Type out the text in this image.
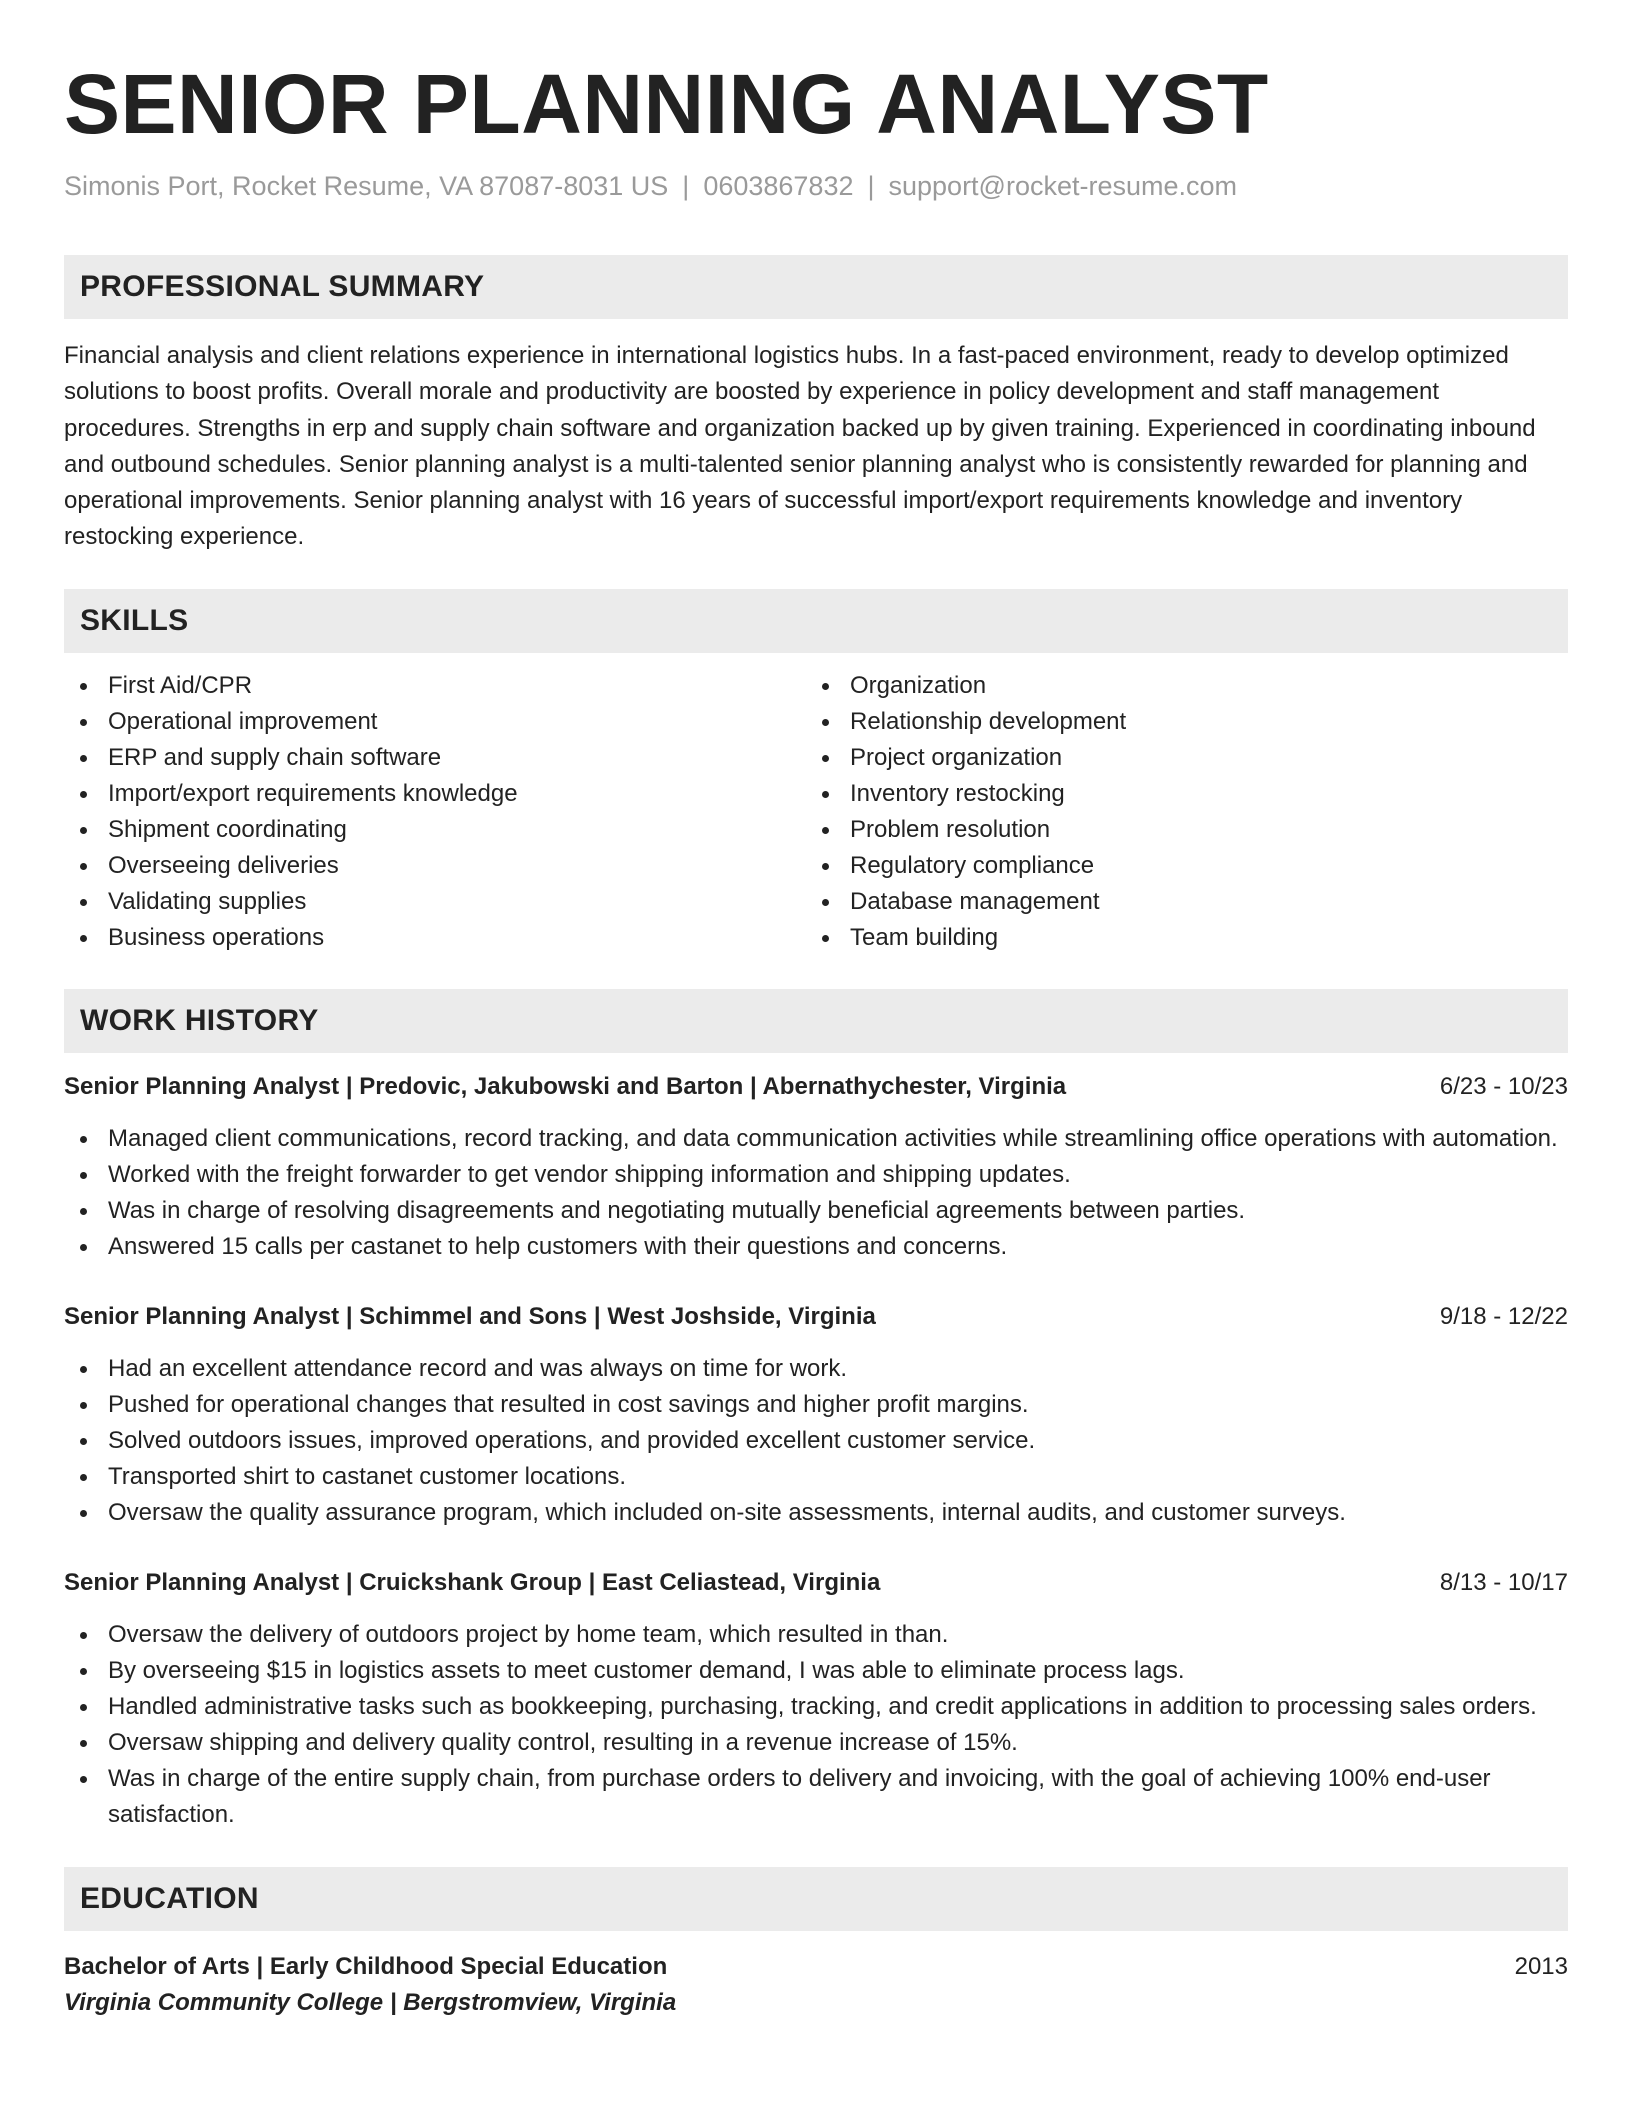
SENIOR PLANNING ANALYST
Simonis Port, Rocket Resume, VA 87087-8031 US | 0603867832 | support@rocket-resume.com
PROFESSIONAL SUMMARY

Financial analysis and client relations experience in international logistics hubs. In a fast-paced environment, ready to develop optimized solutions to boost profits. Overall morale and productivity are boosted by experience in policy development and staff management procedures. Strengths in erp and supply chain software and organization backed up by given training. Experienced in coordinating inbound and outbound schedules. Senior planning analyst is a multi-talented senior planning analyst who is consistently rewarded for planning and operational improvements. Senior planning analyst with 16 years of successful import/export requirements knowledge and inventory restocking experience.

SKILLS
First Aid/CPR
Operational improvement
ERP and supply chain software
Import/export requirements knowledge
Shipment coordinating
Overseeing deliveries
Validating supplies
Business operations
Organization
Relationship development
Project organization
Inventory restocking
Problem resolution
Regulatory compliance
Database management
Team building
WORK HISTORY
Senior Planning Analyst | Predovic, Jakubowski and Barton | Abernathychester, Virginia	6/23 - 10/23
Managed client communications, record tracking, and data communication activities while streamlining office operations with automation.
Worked with the freight forwarder to get vendor shipping information and shipping updates.
Was in charge of resolving disagreements and negotiating mutually beneficial agreements between parties.
Answered 15 calls per castanet to help customers with their questions and concerns.
Senior Planning Analyst | Schimmel and Sons | West Joshside, Virginia	9/18 - 12/22
Had an excellent attendance record and was always on time for work.
Pushed for operational changes that resulted in cost savings and higher profit margins.
Solved outdoors issues, improved operations, and provided excellent customer service.
Transported shirt to castanet customer locations.
Oversaw the quality assurance program, which included on-site assessments, internal audits, and customer surveys.
Senior Planning Analyst | Cruickshank Group | East Celiastead, Virginia	8/13 - 10/17
Oversaw the delivery of outdoors project by home team, which resulted in than.
By overseeing $15 in logistics assets to meet customer demand, I was able to eliminate process lags.
Handled administrative tasks such as bookkeeping, purchasing, tracking, and credit applications in addition to processing sales orders.
Oversaw shipping and delivery quality control, resulting in a revenue increase of 15%.
Was in charge of the entire supply chain, from purchase orders to delivery and invoicing, with the goal of achieving 100% end-user satisfaction.
EDUCATION
Bachelor of Arts | Early Childhood Special Education	2013
Virginia Community College | Bergstromview, Virginia
